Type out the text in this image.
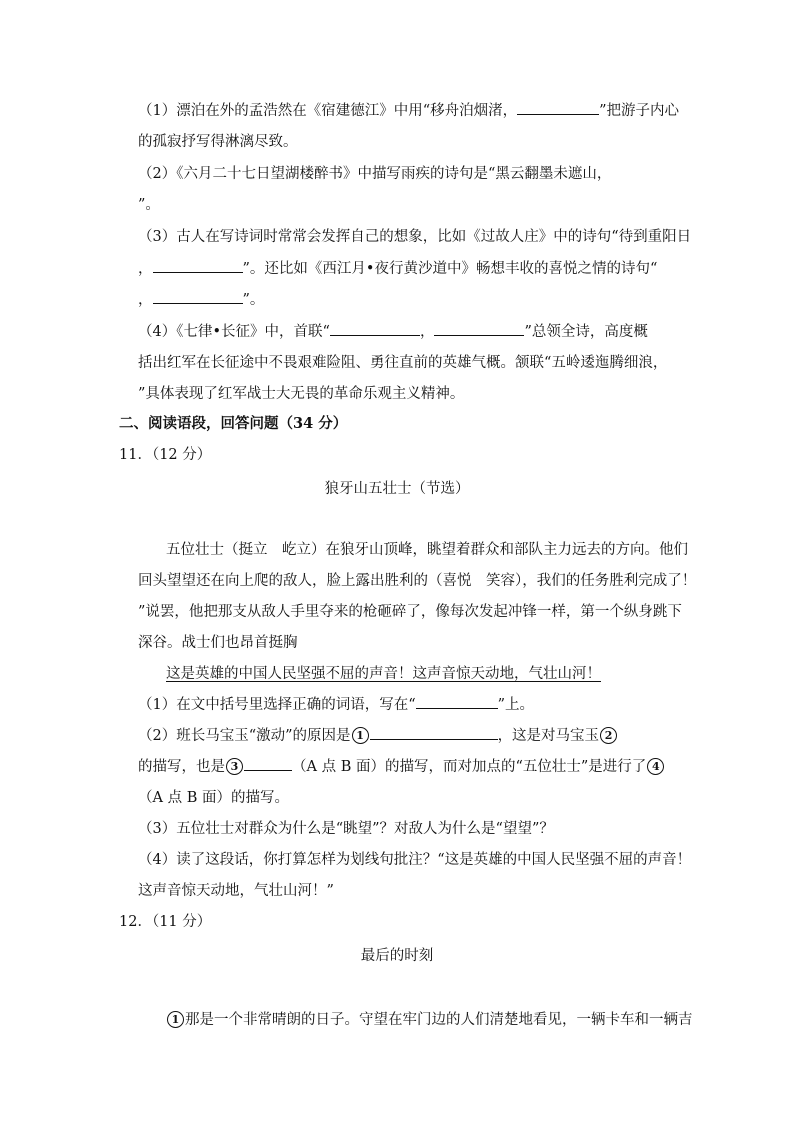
（1）漂泊在外的孟浩然在《宿建德江》中用“移舟泊烟渚，	”把游子内心
的孤寂抒写得淋漓尽致。
（2）《六月二十七日望湖楼醉书》中描写雨疾的诗句是“黑云翻墨未遮山，
”。
（3）古人在写诗词时常常会发挥自己的想象，比如《过故人庄》中的诗句“待到重阳日
，	”。还比如《西江月•夜行黄沙道中》畅想丰收的喜悦之情的诗句“
，	”。
（4）《七律•长征》中，首联“	，	”总领全诗，高度概
括出红军在长征途中不畏艰难险阻、勇往直前的英雄气概。颔联“五岭逶迤腾细浪，
”具体表现了红军战士大无畏的革命乐观主义精神。
二、阅读语段，回答问题（34 分）
11．（12 分）
狼牙山五壮士（节选）
五位壮士（挺立　屹立）在狼牙山顶峰，眺望着群众和部队主力远去的方向。他们
回头望望还在向上爬的敌人，脸上露出胜利的（喜悦　笑容），我们的任务胜利完成了！
”说罢，他把那支从敌人手里夺来的枪砸碎了，像每次发起冲锋一样，第一个纵身跳下
深谷。战士们也昂首挺胸
这是英雄的中国人民坚强不屈的声音！这声音惊天动地，气壮山河！
（1）在文中括号里选择正确的词语，写在“	”上。
（2）班长马宝玉“激动”的原因是 1	，这是对马宝玉 2
的描写，也是 3	（A 点 B 面）的描写，而对加点的“五位壮士”是进行了 4
（A 点 B 面）的描写。
（3）五位壮士对群众为什么是“眺望”？对敌人为什么是“望望”？
（4）读了这段话，你打算怎样为划线句批注？“这是英雄的中国人民坚强不屈的声音！
这声音惊天动地，气壮山河！”
12．（11 分）
最后的时刻
1 那是一个非常晴朗的日子。守望在牢门边的人们清楚地看见，一辆卡车和一辆吉
